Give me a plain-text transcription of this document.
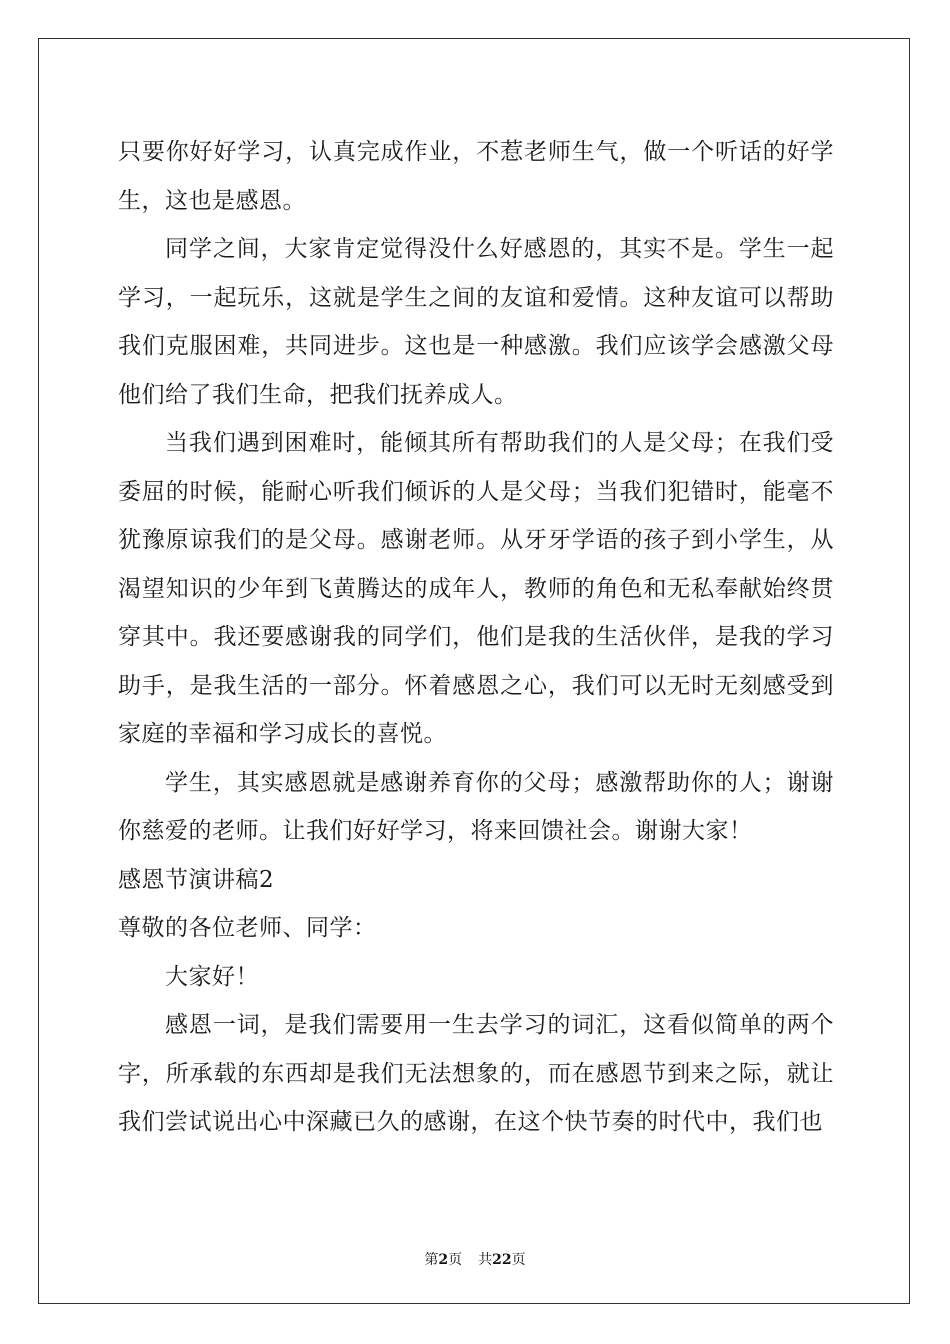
只要你好好学习，认真完成作业，不惹老师生气，做一个听话的好学生，这也是感恩。

同学之间，大家肯定觉得没什么好感恩的，其实不是。学生一起学习，一起玩乐，这就是学生之间的友谊和爱情。这种友谊可以帮助我们克服困难，共同进步。这也是一种感激。我们应该学会感激父母他们给了我们生命，把我们抚养成人。

当我们遇到困难时，能倾其所有帮助我们的人是父母；在我们受委屈的时候，能耐心听我们倾诉的人是父母；当我们犯错时，能毫不犹豫原谅我们的是父母。感谢老师。从牙牙学语的孩子到小学生，从渴望知识的少年到飞黄腾达的成年人，教师的角色和无私奉献始终贯穿其中。我还要感谢我的同学们，他们是我的生活伙伴，是我的学习助手，是我生活的一部分。怀着感恩之心，我们可以无时无刻感受到家庭的幸福和学习成长的喜悦。

学生，其实感恩就是感谢养育你的父母；感激帮助你的人；谢谢你慈爱的老师。让我们好好学习，将来回馈社会。谢谢大家！

感恩节演讲稿2

尊敬的各位老师、同学：

大家好！

感恩一词，是我们需要用一生去学习的词汇，这看似简单的两个字，所承载的东西却是我们无法想象的，而在感恩节到来之际，就让我们尝试说出心中深藏已久的感谢，在这个快节奏的时代中，我们也

第2页 共22页
